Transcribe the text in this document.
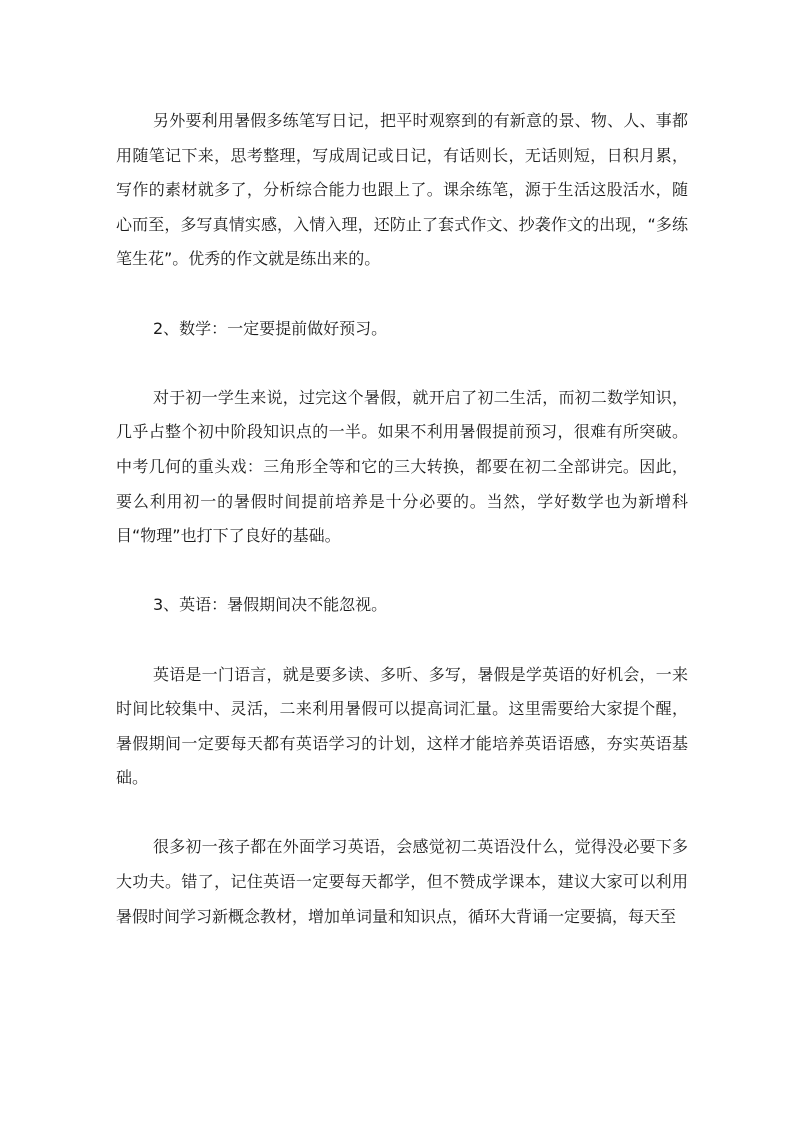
另外要利用暑假多练笔写日记，把平时观察到的有新意的景、物、人、事都用随笔记下来，思考整理，写成周记或日记，有话则长，无话则短，日积月累，写作的素材就多了，分析综合能力也跟上了。课余练笔，源于生活这股活水，随心而至，多写真情实感，入情入理，还防止了套式作文、抄袭作文的出现，“多练笔生花”。优秀的作文就是练出来的。

2、数学：一定要提前做好预习。

对于初一学生来说，过完这个暑假，就开启了初二生活，而初二数学知识，几乎占整个初中阶段知识点的一半。如果不利用暑假提前预习，很难有所突破。中考几何的重头戏：三角形全等和它的三大转换，都要在初二全部讲完。因此，要么利用初一的暑假时间提前培养是十分必要的。当然，学好数学也为新增科目“物理”也打下了良好的基础。

3、英语：暑假期间决不能忽视。

英语是一门语言，就是要多读、多听、多写，暑假是学英语的好机会，一来时间比较集中、灵活，二来利用暑假可以提高词汇量。这里需要给大家提个醒，暑假期间一定要每天都有英语学习的计划，这样才能培养英语语感，夯实英语基础。

很多初一孩子都在外面学习英语，会感觉初二英语没什么，觉得没必要下多大功夫。错了，记住英语一定要每天都学，但不赞成学课本，建议大家可以利用暑假时间学习新概念教材，增加单词量和知识点，循环大背诵一定要搞，每天至
